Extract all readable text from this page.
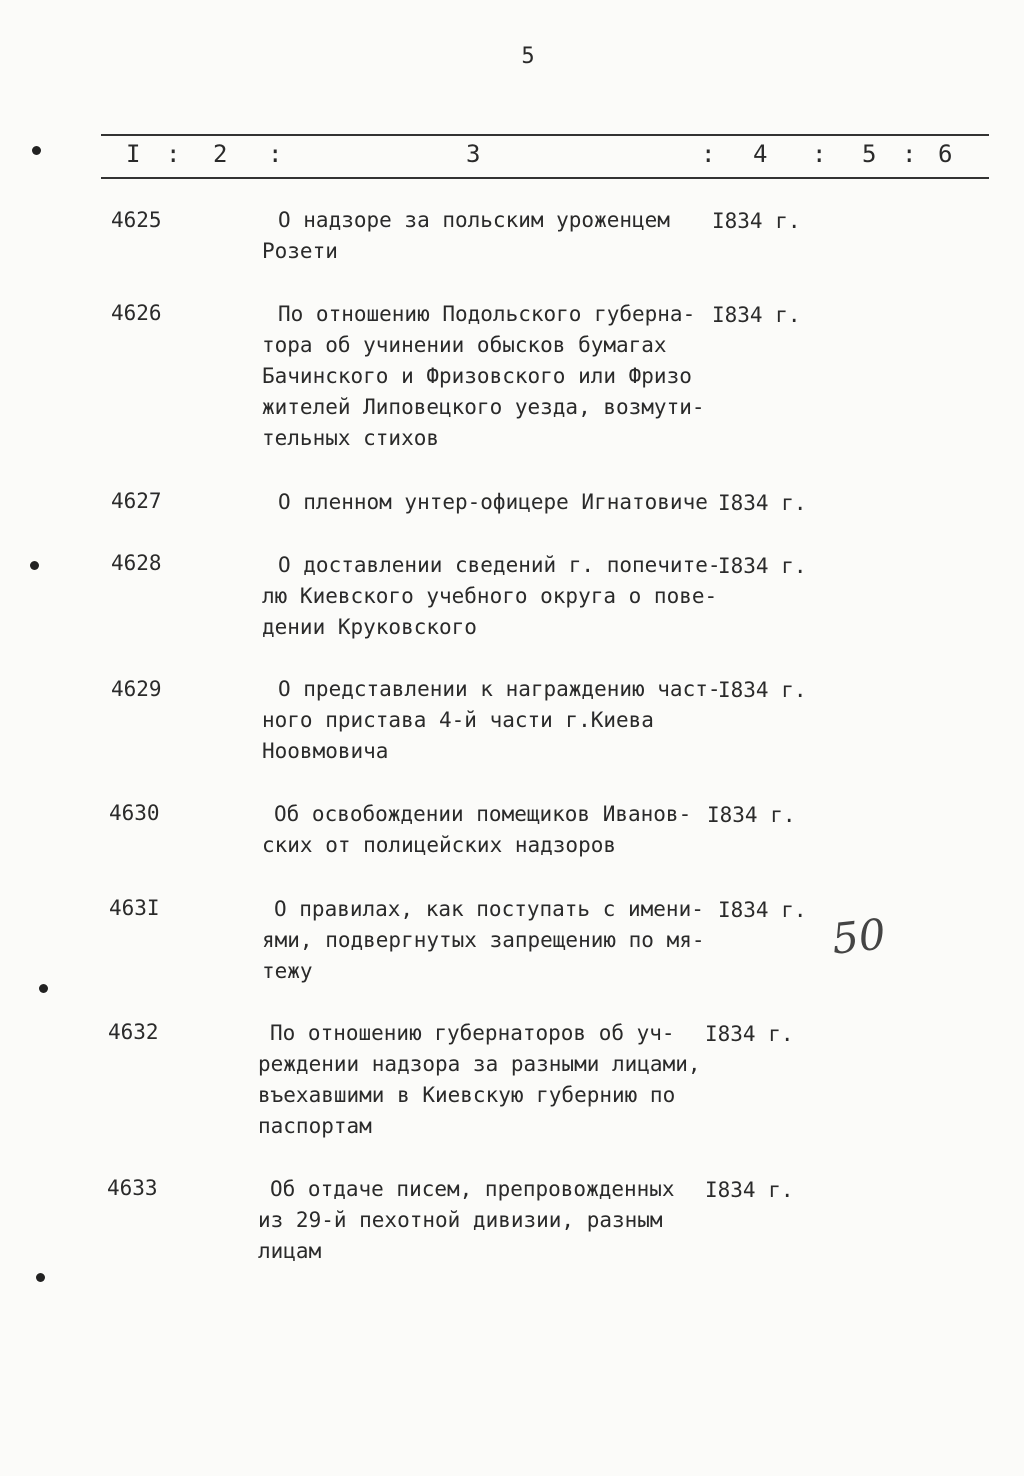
5
I : 2 :	3	: 4 : 5 : 6
4625	О надзоре за польским уроженцем
Розети
I834 г.
4626	По отношению Подольского губерна-
тора об учинении обысков бумагах
Бачинского и Фризовского или Фризо
жителей Липовецкого уезда, возмути-
тельных стихов
I834 г.
4627	О пленном унтер-офицере Игнатовиче I834 г.
4628	О доставлении сведений г. попечите-
лю Киевского учебного округа о пове-
дении Круковского
I834 г.
4629	О представлении к награждению част-
ного пристава 4-й части г.Киева
Ноовмовича
I834 г.
4630	Об освобождении помещиков Иванов-
ских от полицейских надзоров
I834 г.
463I	О правилах, как поступать с имени-
ями, подвергнутых запрещению по мя-
тежу
I834 г.
4632	По отношению губернаторов об уч-
реждении надзора за разными лицами,
въехавшими в Киевскую губернию по
паспортам
I834 г.
4633	Об отдаче писем, препровожденных
из 29-й пехотной дивизии, разным
лицам
I834 г.
50
